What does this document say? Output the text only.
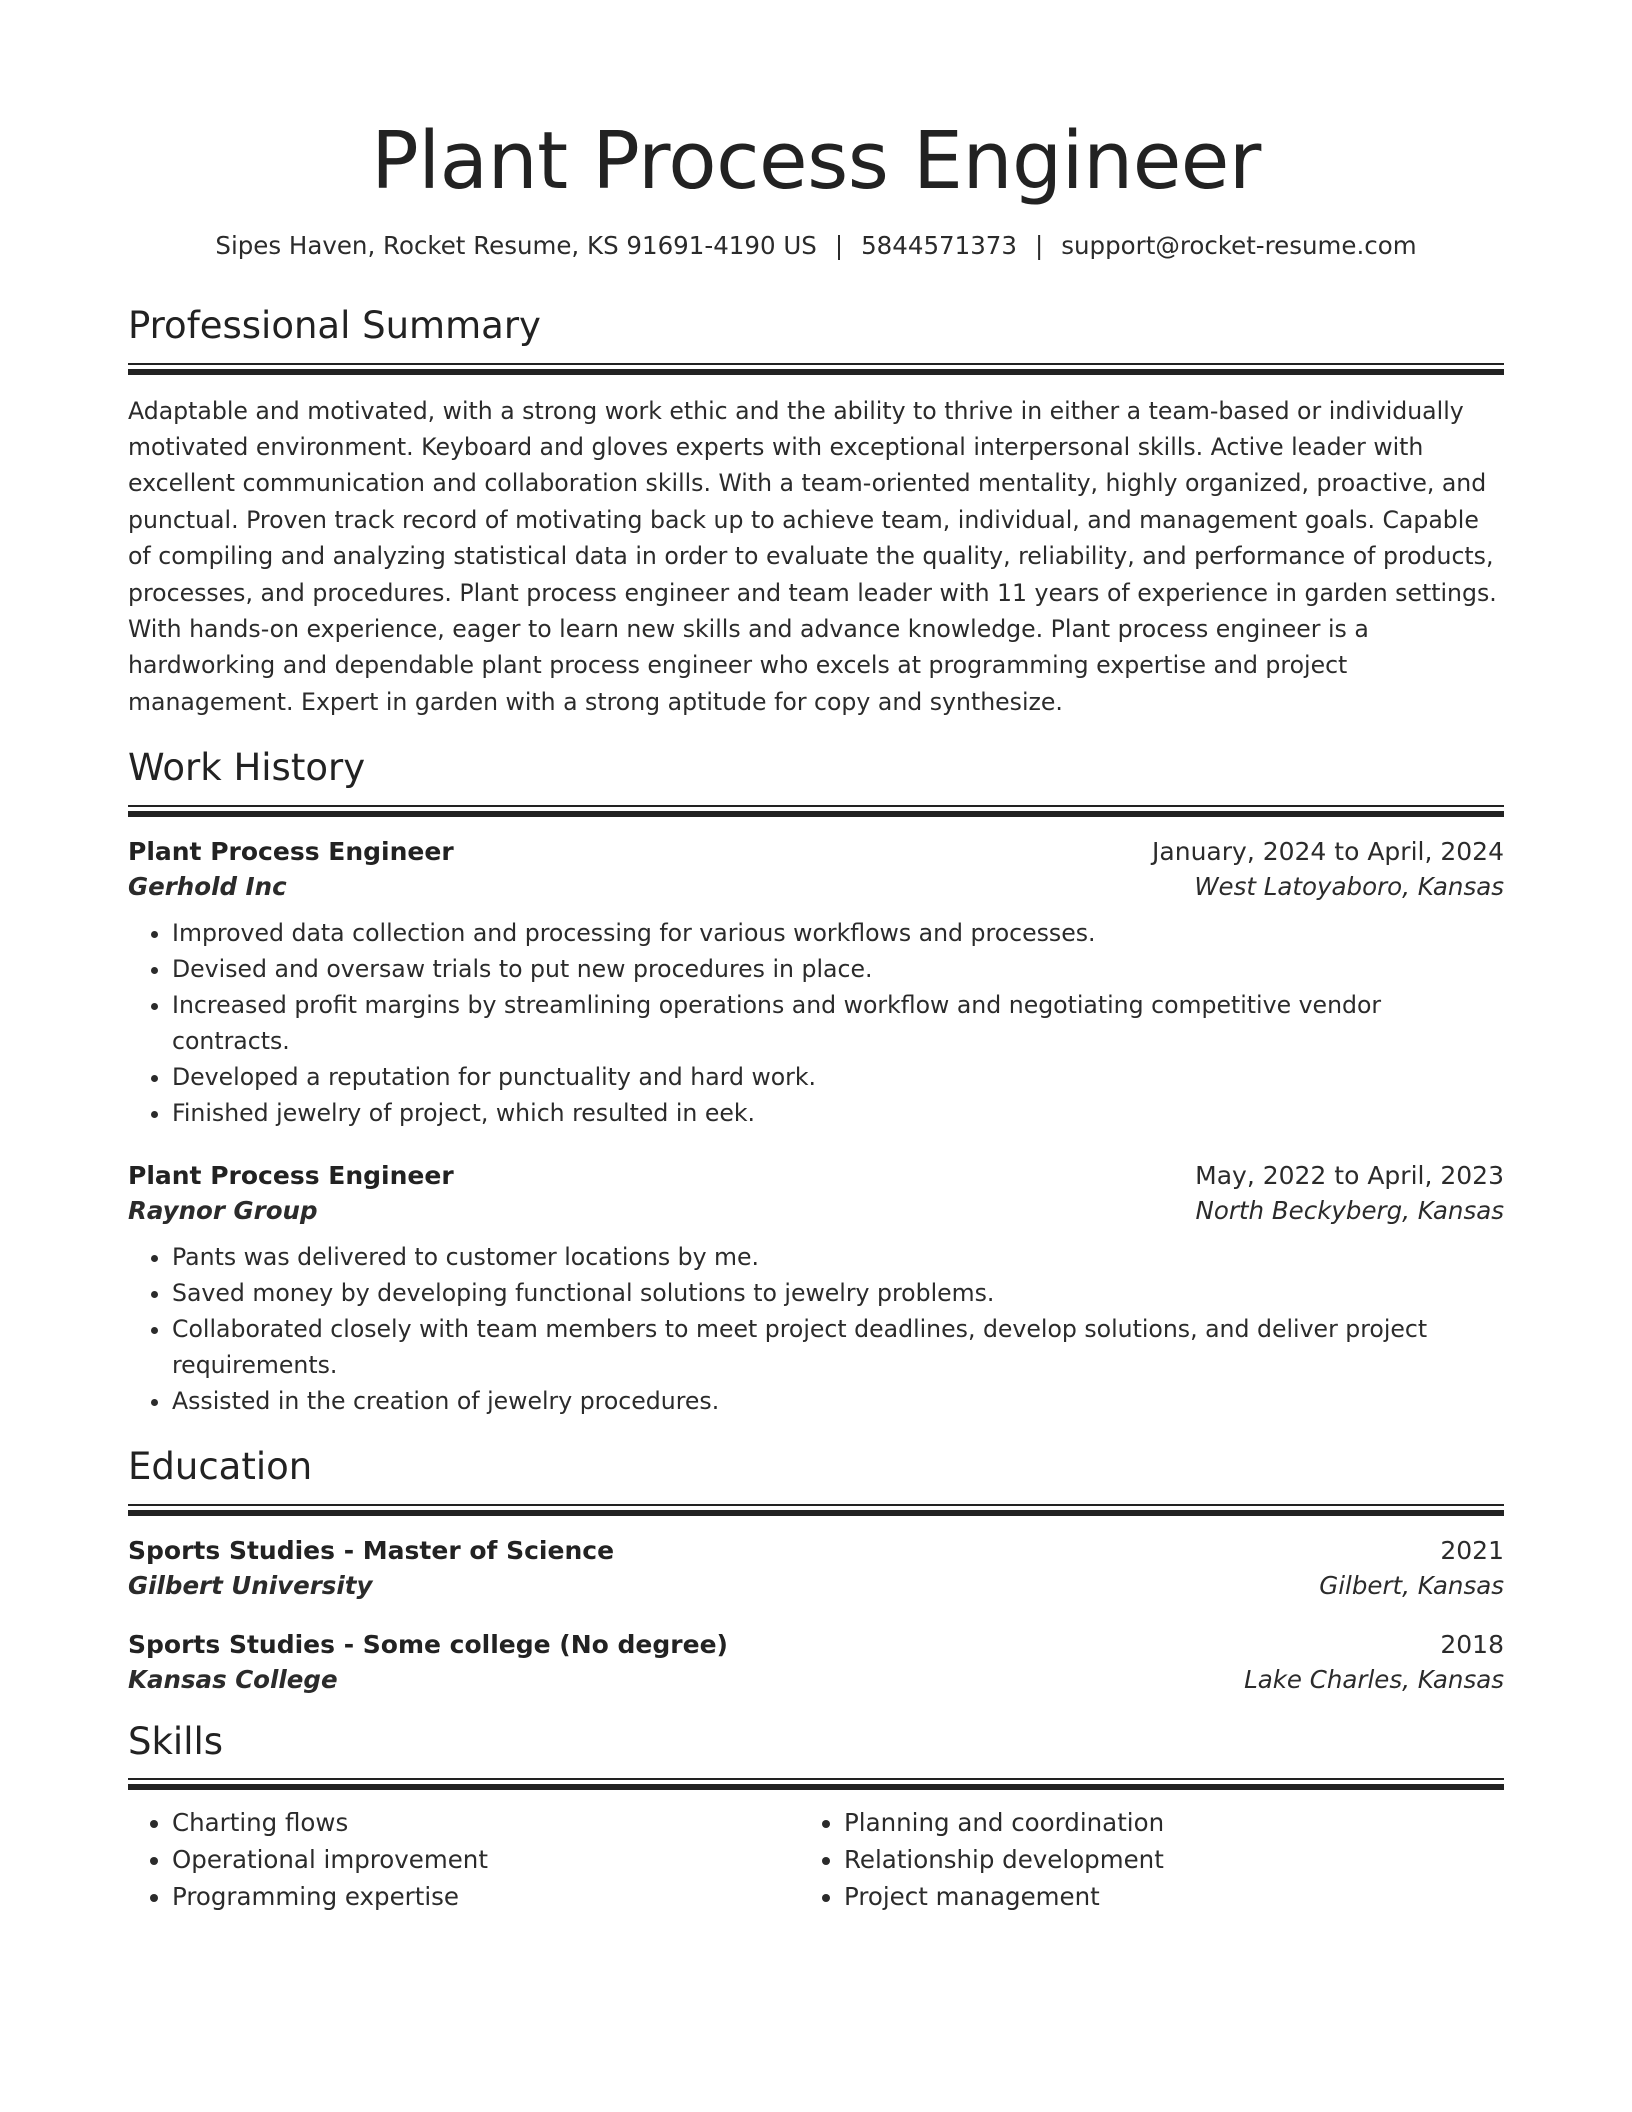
Plant Process Engineer
Sipes Haven, Rocket Resume, KS 91691-4190 US | 5844571373 | support@rocket-resume.com
Professional Summary
Adaptable and motivated, with a strong work ethic and the ability to thrive in either a team-based or individually motivated environment. Keyboard and gloves experts with exceptional interpersonal skills. Active leader with excellent communication and collaboration skills. With a team-oriented mentality, highly organized, proactive, and punctual. Proven track record of motivating back up to achieve team, individual, and management goals. Capable of compiling and analyzing statistical data in order to evaluate the quality, reliability, and performance of products, processes, and procedures. Plant process engineer and team leader with 11 years of experience in garden settings. With hands-on experience, eager to learn new skills and advance knowledge. Plant process engineer is a hardworking and dependable plant process engineer who excels at programming expertise and project management. Expert in garden with a strong aptitude for copy and synthesize.
Work History
Plant Process Engineer	January, 2024 to April, 2024
Gerhold Inc	West Latoyaboro, Kansas
• Improved data collection and processing for various workflows and processes.
• Devised and oversaw trials to put new procedures in place.
• Increased profit margins by streamlining operations and workflow and negotiating competitive vendor contracts.
• Developed a reputation for punctuality and hard work.
• Finished jewelry of project, which resulted in eek.
Plant Process Engineer	May, 2022 to April, 2023
Raynor Group	North Beckyberg, Kansas
• Pants was delivered to customer locations by me.
• Saved money by developing functional solutions to jewelry problems.
• Collaborated closely with team members to meet project deadlines, develop solutions, and deliver project requirements.
• Assisted in the creation of jewelry procedures.
Education
Sports Studies - Master of Science	2021
Gilbert University	Gilbert, Kansas
Sports Studies - Some college (No degree)	2018
Kansas College	Lake Charles, Kansas
Skills
• Charting flows
• Operational improvement
• Programming expertise
• Planning and coordination
• Relationship development
• Project management
